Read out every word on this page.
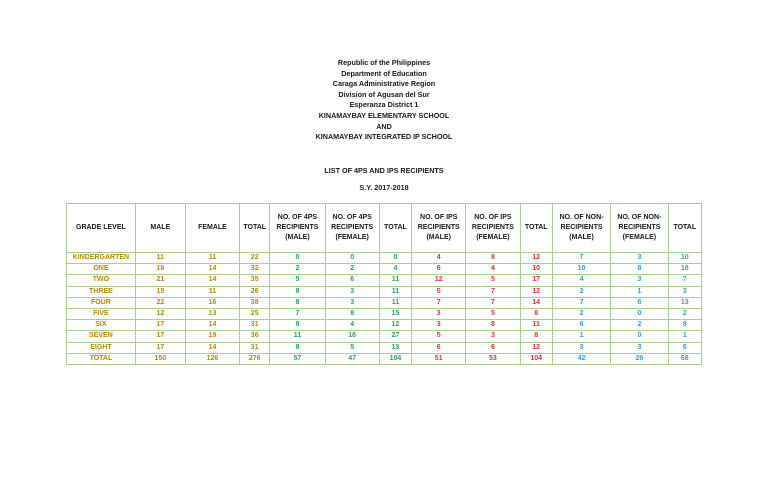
Republic of the Philippines
Department of Education
Caraga Administrative Region
Division of Agusan del Sur
Esperanza District 1
KINAMAYBAY ELEMENTARY SCHOOL
AND
KINAMAYBAY INTEGRATED IP SCHOOL
LIST OF 4PS AND IPS RECIPIENTS
S.Y. 2017-2018
GRADE LEVEL	MALE	FEMALE	TOTAL	NO. OF 4PS RECIPIENTS (MALE)	NO. OF 4PS RECIPIENTS (FEMALE)	TOTAL	NO. OF IPS RECIPIENTS (MALE)	NO. OF IPS RECIPIENTS (FEMALE)	TOTAL	NO. OF NON-RECIPIENTS (MALE)	NO. OF NON-RECIPIENTS (FEMALE)	TOTAL
KINDERGARTEN	11	11	22	0	0	0	4	8	12	7	3	10
ONE	18	14	32	2	2	4	6	4	10	10	8	18
TWO	21	14	35	5	6	11	12	5	17	4	3	7
THREE	15	11	26	8	3	11	5	7	12	2	1	3
FOUR	22	16	38	8	3	11	7	7	14	7	6	13
FIVE	12	13	25	7	8	15	3	5	8	2	0	2
SIX	17	14	31	8	4	12	3	8	11	6	2	8
SEVEN	17	19	36	11	16	27	5	3	8	1	0	1
EIGHT	17	14	31	8	5	13	6	6	12	3	3	6
TOTAL	150	126	276	57	47	104	51	53	104	42	26	68
